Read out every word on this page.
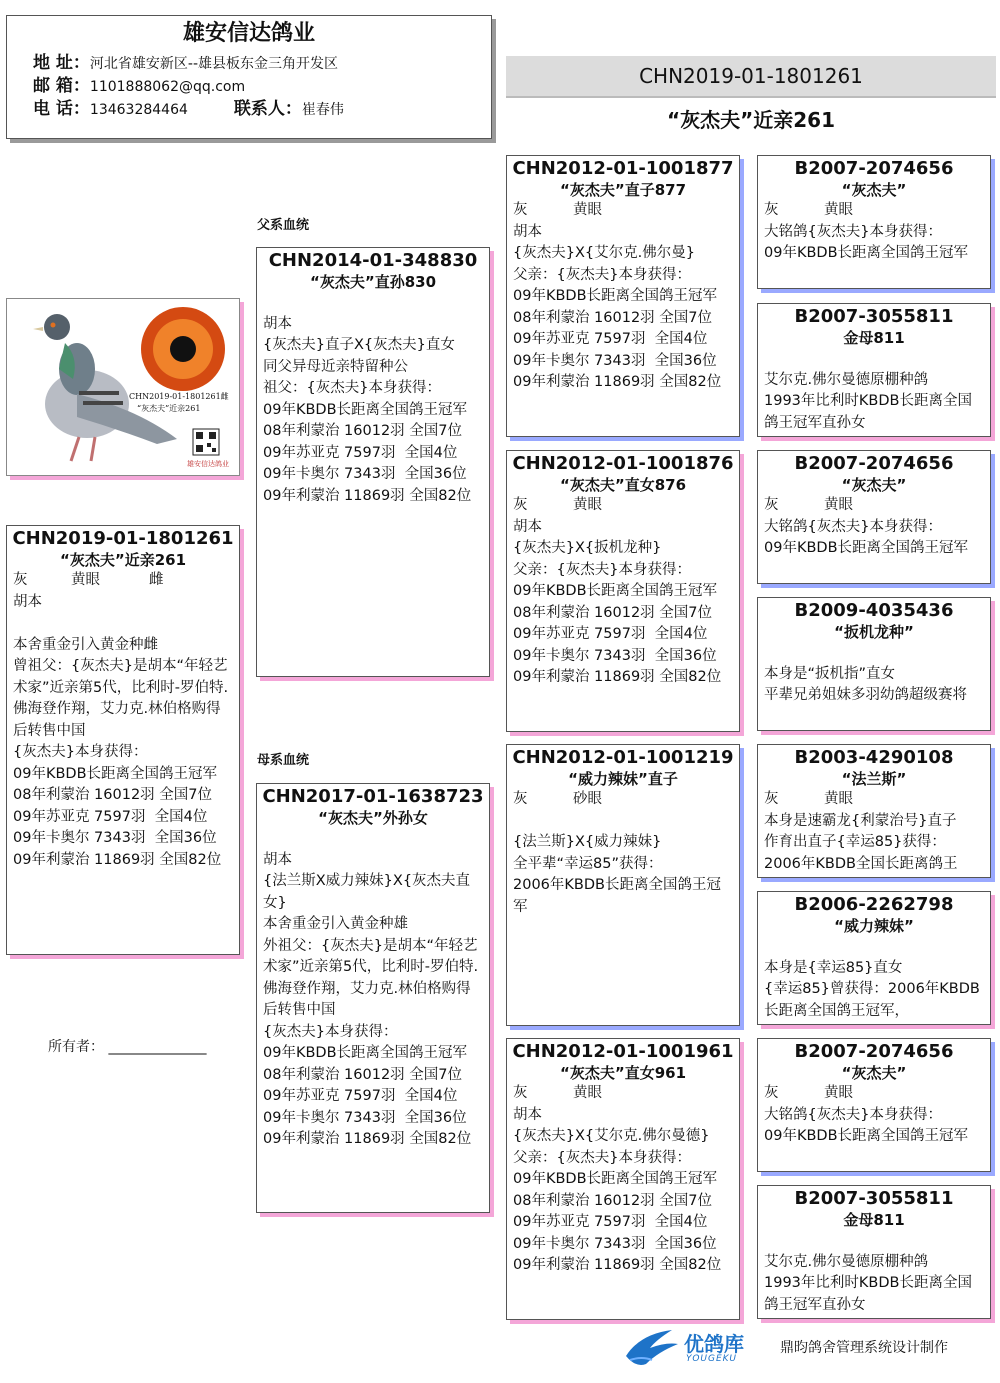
雄安信达鸽业
地 址：河北省雄安新区--雄县板东金三角开发区
邮 箱：1101888062@qq.com
电 话：13463284464	联系人：崔春伟
CHN2019-01-1801261
“灰杰夫”近亲261
CHN2019-01-1801261雌
“灰杰夫”近亲261
雄安信达鸽业
父系血统
母系血统
CHN2019-01-1801261
“灰杰夫”近亲261
灰	黄眼	雌
胡本
本舍重金引入黄金种雌
曾祖父：{灰杰夫}是胡本“年轻艺术家”近亲第5代，比利时-罗伯特.佛海登作翔，艾力克.林伯格购得后转售中国
{灰杰夫}本身获得：
09年KBDB长距离全国鸽王冠军
08年利蒙治 16012羽 全国7位
09年苏亚克 7597羽  全国4位
09年卡奥尔 7343羽  全国36位
09年利蒙治 11869羽 全国82位
所有者： ______________
CHN2014-01-348830
“灰杰夫”直孙830
胡本
{灰杰夫}直子X{灰杰夫}直女
同父异母近亲特留种公
祖父：{灰杰夫}本身获得：
09年KBDB长距离全国鸽王冠军
08年利蒙治 16012羽 全国7位
09年苏亚克 7597羽  全国4位
09年卡奥尔 7343羽  全国36位
09年利蒙治 11869羽 全国82位
CHN2017-01-1638723
“灰杰夫”外孙女
胡本
{法兰斯X威力辣妹}X{灰杰夫直女}
本舍重金引入黄金种雄
外祖父：{灰杰夫}是胡本“年轻艺术家”近亲第5代，比利时-罗伯特.佛海登作翔，艾力克.林伯格购得后转售中国
{灰杰夫}本身获得：
09年KBDB长距离全国鸽王冠军
08年利蒙治 16012羽 全国7位
09年苏亚克 7597羽  全国4位
09年卡奥尔 7343羽  全国36位
09年利蒙治 11869羽 全国82位
CHN2012-01-1001877
“灰杰夫”直子877
灰	黄眼
胡本
{灰杰夫}X{艾尔克.佛尔曼}
父亲：{灰杰夫}本身获得：
09年KBDB长距离全国鸽王冠军
08年利蒙治 16012羽 全国7位
09年苏亚克 7597羽  全国4位
09年卡奥尔 7343羽  全国36位
09年利蒙治 11869羽 全国82位
CHN2012-01-1001876
“灰杰夫”直女876
灰	黄眼
胡本
{灰杰夫}X{扳机龙种}
父亲：{灰杰夫}本身获得：
09年KBDB长距离全国鸽王冠军
08年利蒙治 16012羽 全国7位
09年苏亚克 7597羽  全国4位
09年卡奥尔 7343羽  全国36位
09年利蒙治 11869羽 全国82位
CHN2012-01-1001219
“威力辣妹”直子
灰	砂眼
{法兰斯}X{威力辣妹}
全平辈“幸运85”获得：
2006年KBDB长距离全国鸽王冠军
CHN2012-01-1001961
“灰杰夫”直女961
灰	黄眼
胡本
{灰杰夫}X{艾尔克.佛尔曼德}
父亲：{灰杰夫}本身获得：
09年KBDB长距离全国鸽王冠军
08年利蒙治 16012羽 全国7位
09年苏亚克 7597羽  全国4位
09年卡奥尔 7343羽  全国36位
09年利蒙治 11869羽 全国82位
B2007-2074656
“灰杰夫”
灰	黄眼
大铭鸽{灰杰夫}本身获得：
09年KBDB长距离全国鸽王冠军
B2007-3055811
金母811
艾尔克.佛尔曼德原棚种鸽
1993年比利时KBDB长距离全国鸽王冠军直孙女
B2007-2074656
“灰杰夫”
灰	黄眼
大铭鸽{灰杰夫}本身获得：
09年KBDB长距离全国鸽王冠军
B2009-4035436
“扳机龙种”
本身是“扳机指”直女
平辈兄弟姐妹多羽幼鸽超级赛将
B2003-4290108
“法兰斯”
灰	黄眼
本身是速霸龙{利蒙治号}直子
作育出直子{幸运85}获得：
2006年KBDB全国长距离鸽王
B2006-2262798
“威力辣妹”
本身是{幸运85}直女
{幸运85}曾获得：2006年KBDB长距离全国鸽王冠军，
B2007-2074656
“灰杰夫”
灰	黄眼
大铭鸽{灰杰夫}本身获得：
09年KBDB长距离全国鸽王冠军
B2007-3055811
金母811
艾尔克.佛尔曼德原棚种鸽
1993年比利时KBDB长距离全国鸽王冠军直孙女
优鸽库
YOUGEKU
鼎昀鸽舍管理系统设计制作
